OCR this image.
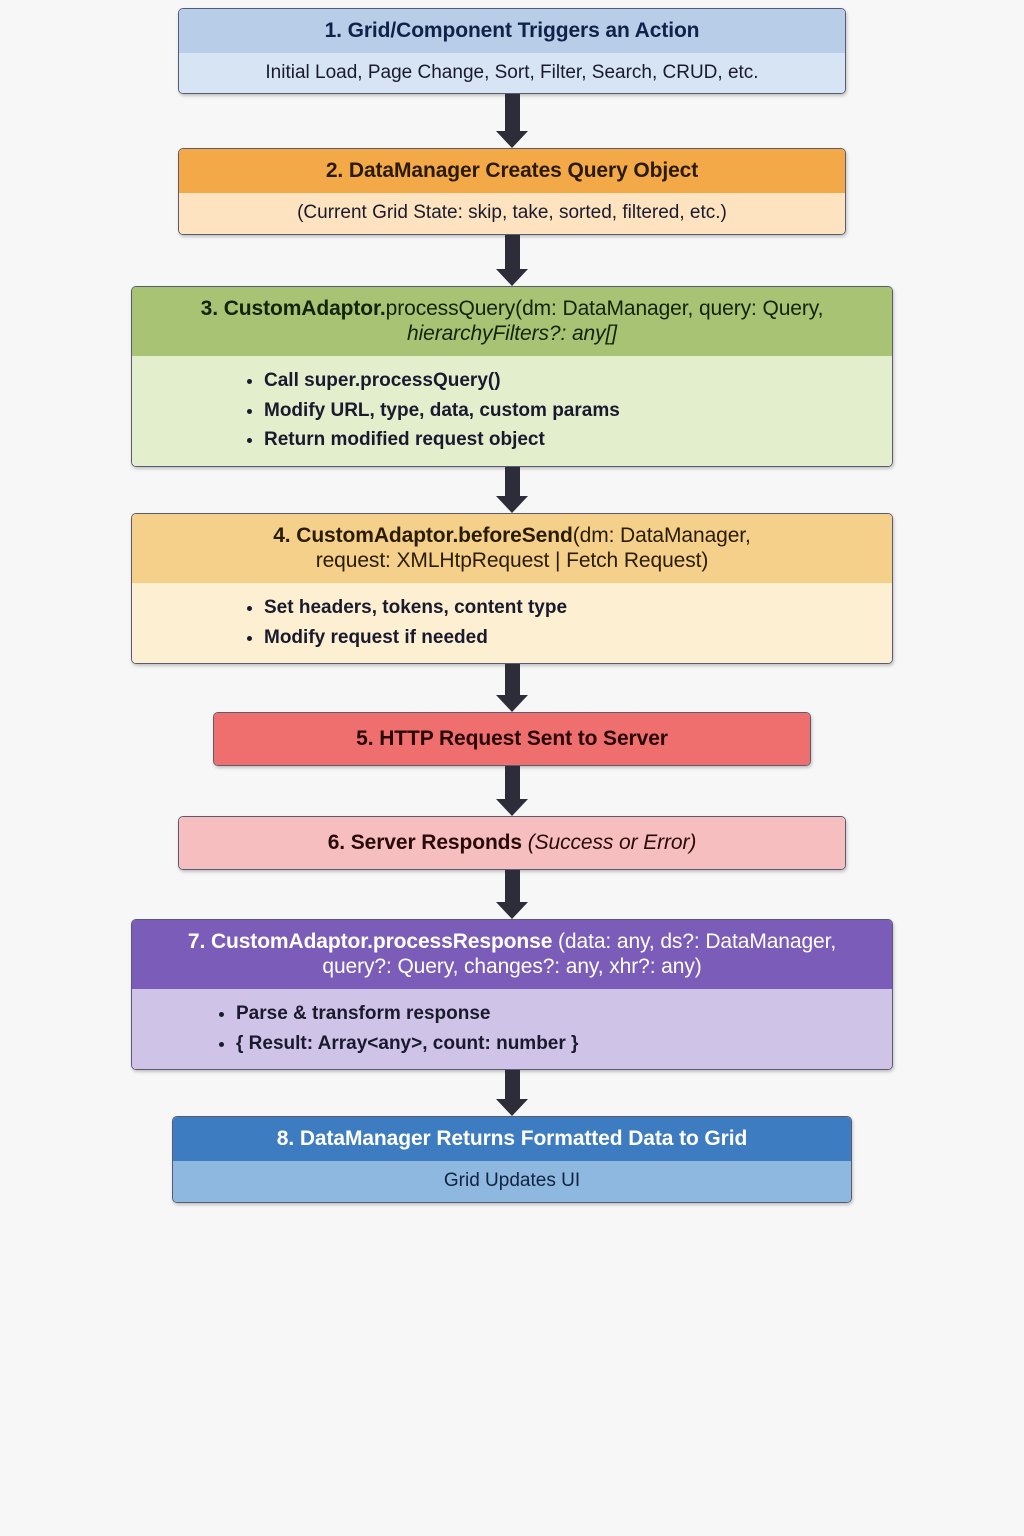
1. Grid/Component Triggers an Action
Initial Load, Page Change, Sort, Filter, Search, CRUD, etc.
2. DataManager Creates Query Object
(Current Grid State: skip, take, sorted, filtered, etc.)
3. CustomAdaptor.processQuery(dm: DataManager, query: Query,
hierarchyFilters?: any[]
• Call super.processQuery()
• Modify URL, type, data, custom params
• Return modified request object
4. CustomAdaptor.beforeSend(dm: DataManager,
request: XMLHtpRequest | Fetch Request)
• Set headers, tokens, content type
• Modify request if needed
5. HTTP Request Sent to Server
6. Server Responds (Success or Error)
7. CustomAdaptor.processResponse (data: any, ds?: DataManager,
query?: Query, changes?: any, xhr?: any)
• Parse & transform response
• { Result: Array<any>, count: number }
8. DataManager Returns Formatted Data to Grid
Grid Updates UI
